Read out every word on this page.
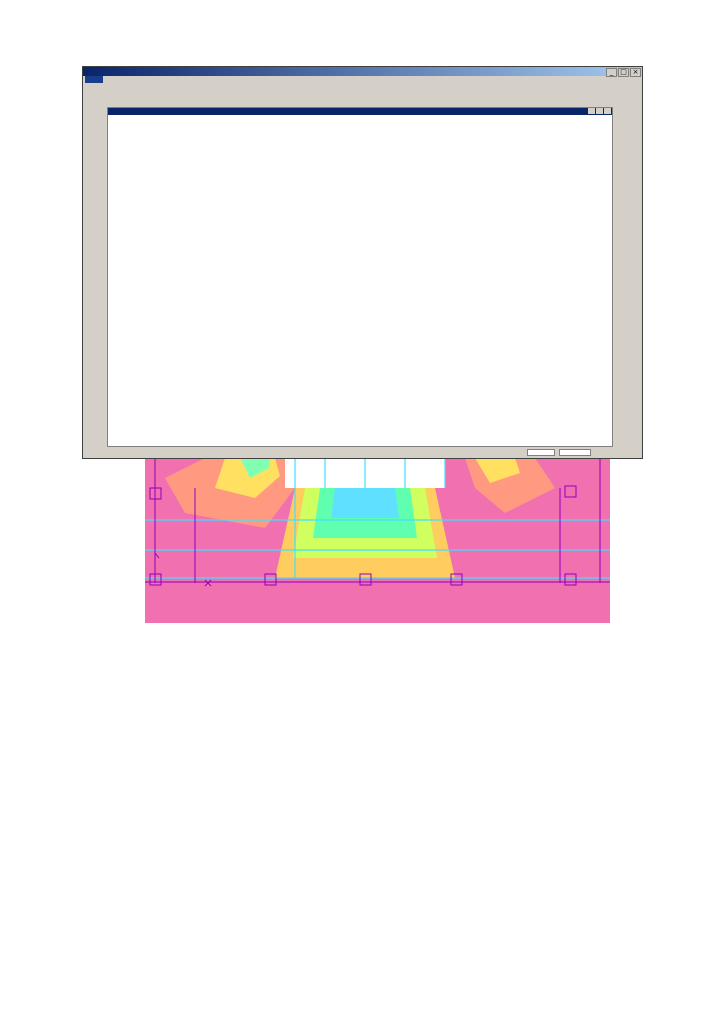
_ □ ×
